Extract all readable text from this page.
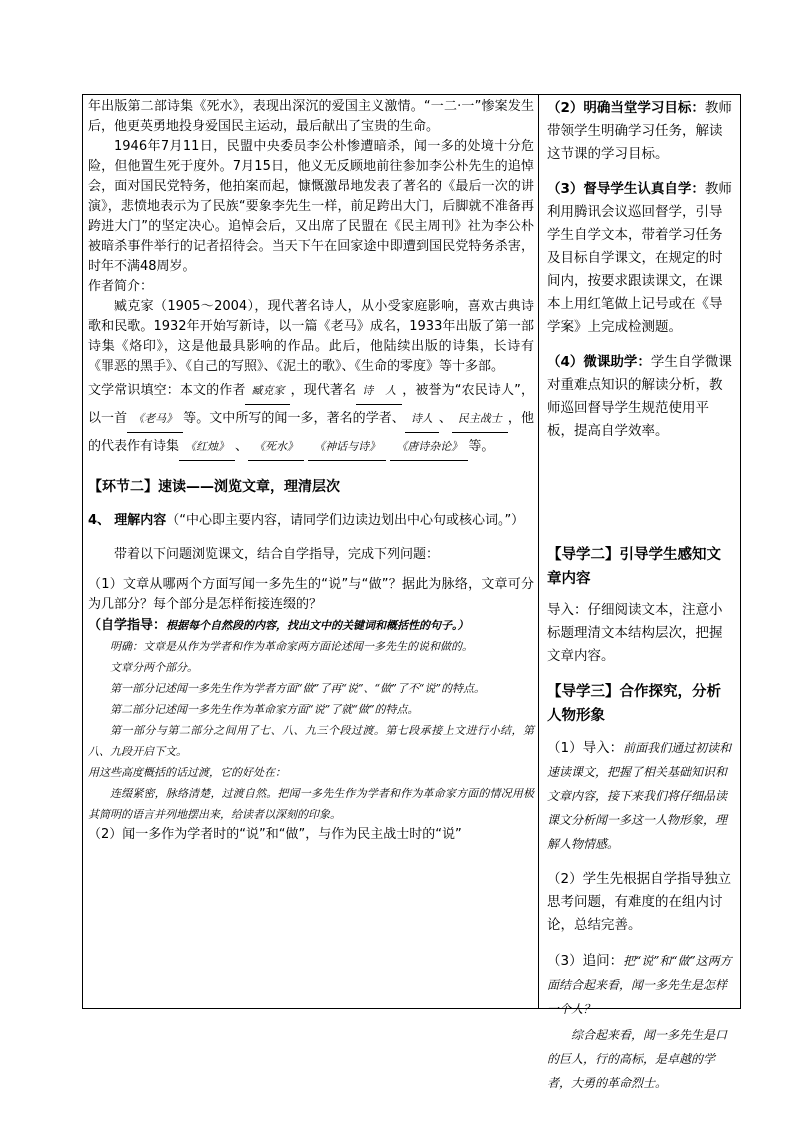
年出版第二部诗集《死水》，表现出深沉的爱国主义激情。“一二·一”惨案发生后，他更英勇地投身爱国民主运动，最后献出了宝贵的生命。

1946年7月11日，民盟中央委员李公朴惨遭暗杀，闻一多的处境十分危险，但他置生死于度外。7月15日，他义无反顾地前往参加李公朴先生的追悼会，面对国民党特务，他拍案而起，慷慨激昂地发表了著名的《最后一次的讲演》，悲愤地表示为了民族“要象李先生一样，前足跨出大门，后脚就不准备再跨进大门”的坚定决心。追悼会后，又出席了民盟在《民主周刊》社为李公朴被暗杀事件举行的记者招待会。当天下午在回家途中即遭到国民党特务杀害，时年不满48周岁。

作者简介：

臧克家（1905～2004），现代著名诗人，从小受家庭影响，喜欢古典诗歌和民歌。1932年开始写新诗，以一篇《老马》成名，1933年出版了第一部诗集《烙印》，这是他最具影响的作品。此后，他陆续出版的诗集，长诗有《罪恶的黑手》、《自己的写照》、《泥土的歌》、《生命的零度》等十多部。

文学常识填空：本文的作者 臧克家 ，现代著名 诗 人 ，被誉为“农民诗人”，以一首 《老马》 等。文中所写的闻一多，著名的学者、 诗人 、 民主战士 ，他的代表作有诗集 《红烛》 、 《死水》 《神话与诗》 《唐诗杂论》 等。

【环节二】速读——浏览文章，理清层次

4、 理解内容（“中心即主要内容，请同学们边读边划出中心句或核心词。”）

带着以下问题浏览课文，结合自学指导，完成下列问题：

（1）文章从哪两个方面写闻一多先生的“说”与“做”？据此为脉络，文章可分为几部分？每个部分是怎样衔接连缀的？

（自学指导：根据每个自然段的内容，找出文中的关键词和概括性的句子。）

明确：文章是从作为学者和作为革命家两方面论述闻一多先生的说和做的。

文章分两个部分。

第一部分记述闻一多先生作为学者方面“做”了再“说”、“做”了不“说”的特点。

第二部分记述闻一多先生作为革命家方面“说”了就“做”的特点。

第一部分与第二部分之间用了七、八、九三个段过渡。第七段承接上文进行小结，第八、九段开启下文。

用这些高度概括的话过渡，它的好处在：

连缀紧密，脉络清楚，过渡自然。把闻一多先生作为学者和作为革命家方面的情况用极其简明的语言并列地摆出来，给读者以深刻的印象。

（2）闻一多作为学者时的“说”和“做”，与作为民主战士时的“说”

（2）明确当堂学习目标：教师带领学生明确学习任务，解读这节课的学习目标。

（3）督导学生认真自学：教师利用腾讯会议巡回督学，引导学生自学文本，带着学习任务及目标自学课文，在规定的时间内，按要求跟读课文，在课本上用红笔做上记号或在《导学案》上完成检测题。

（4）微课助学：学生自学微课对重难点知识的解读分析，教师巡回督导学生规范使用平板，提高自学效率。

【导学二】引导学生感知文章内容

导入：仔细阅读文本，注意小标题理清文本结构层次，把握文章内容。

【导学三】合作探究，分析人物形象

（1）导入：前面我们通过初读和速读课文，把握了相关基础知识和文章内容，接下来我们将仔细品读课文分析闻一多这一人物形象，理解人物情感。

（2）学生先根据自学指导独立思考问题，有难度的在组内讨论，总结完善。

（3）追问：把“说”和“做”这两方面结合起来看，闻一多先生是怎样一个人？

综合起来看，闻一多先生是口的巨人，行的高标，是卓越的学者，大勇的革命烈士。
